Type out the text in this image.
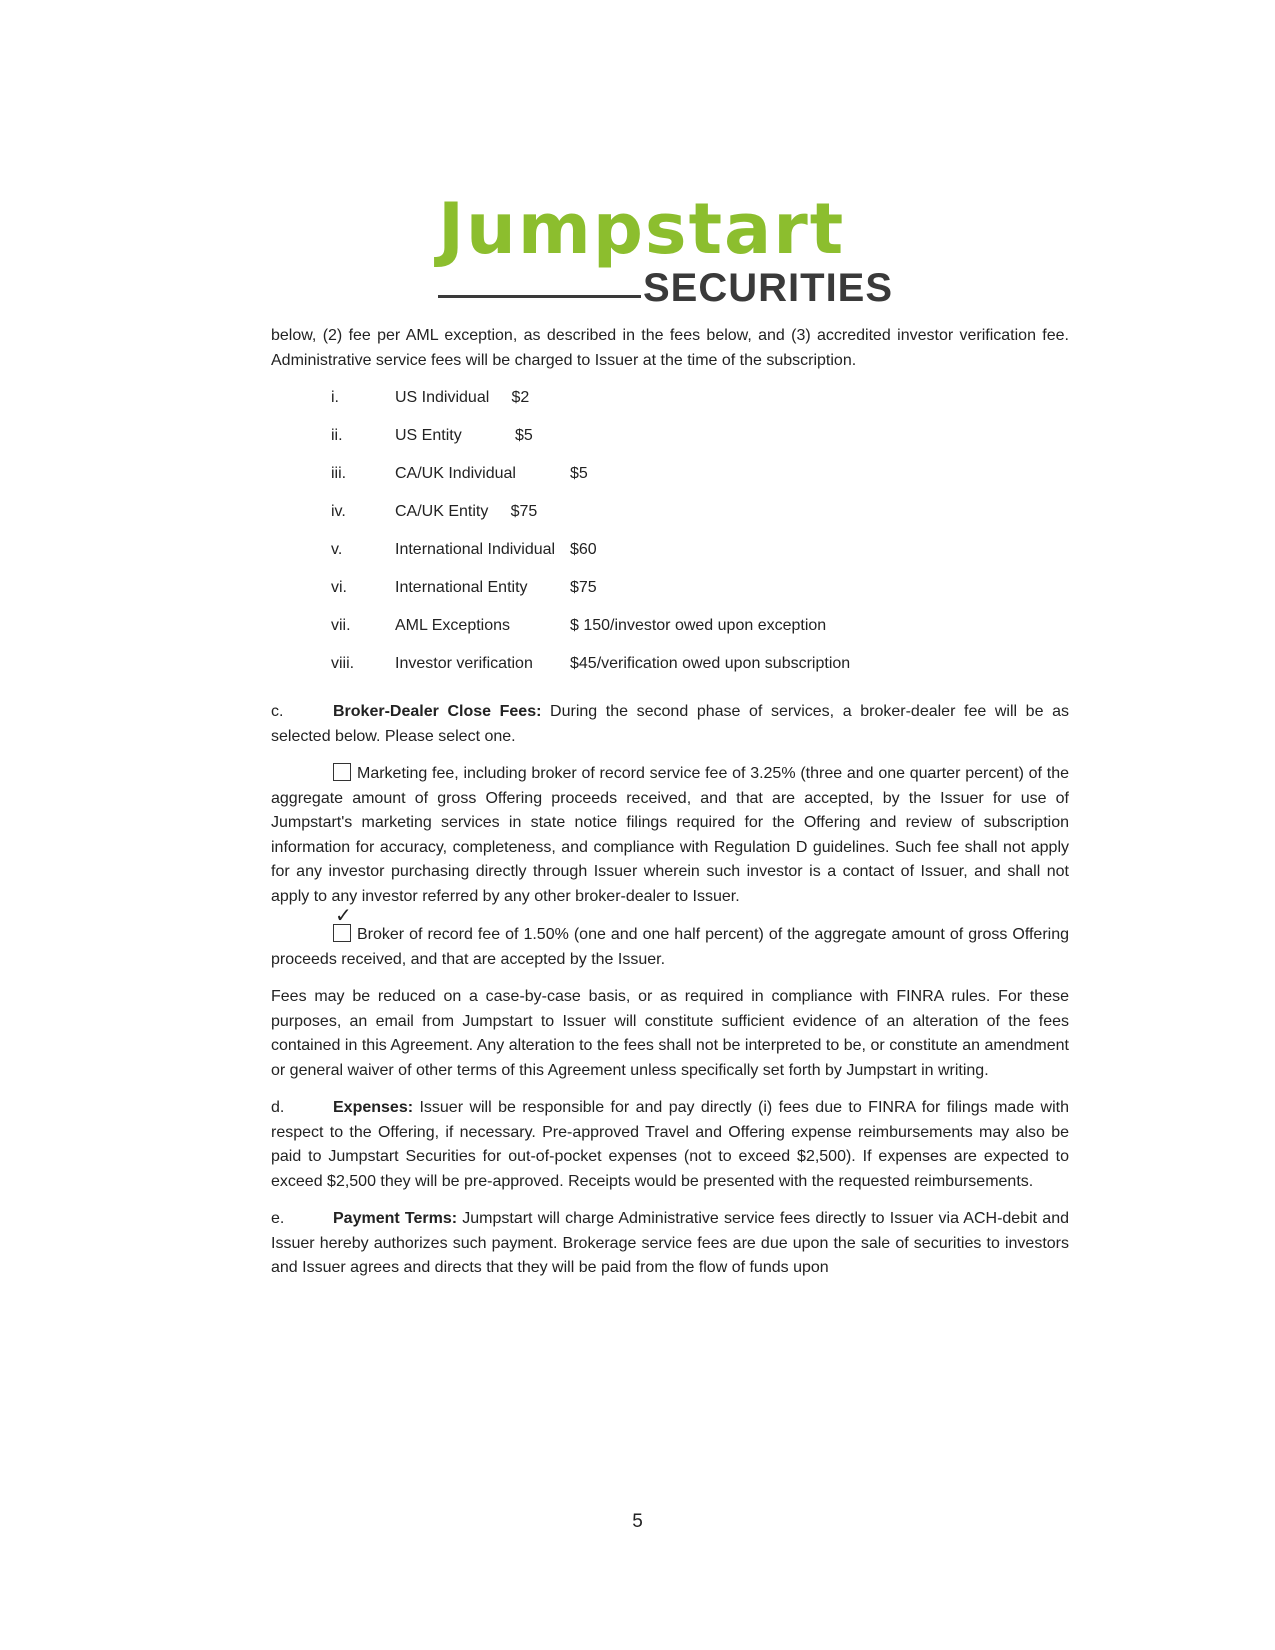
Jumpstart
SECURITIES

below, (2) fee per AML exception, as described in the fees below, and (3) accredited investor verification fee. Administrative service fees will be charged to Issuer at the time of the subscription.

i.	US Individual $2	
ii.	US Entity $5	
iii.	CA/UK Individual	$5
iv.	CA/UK Entity $75	
v.	International Individual	$60
vi.	International Entity	$75
vii.	AML Exceptions	$ 150/investor owed upon exception
viii.	Investor verification	$45/verification owed upon subscription

c.	Broker-Dealer Close Fees: During the second phase of services, a broker-dealer fee will be as selected below. Please select one.

Marketing fee, including broker of record service fee of 3.25% (three and one quarter percent) of the aggregate amount of gross Offering proceeds received, and that are accepted, by the Issuer for use of Jumpstart's marketing services in state notice filings required for the Offering and review of subscription information for accuracy, completeness, and compliance with Regulation D guidelines. Such fee shall not apply for any investor purchasing directly through Issuer wherein such investor is a contact of Issuer, and shall not apply to any investor referred by any other broker-dealer to Issuer.

✓
Broker of record fee of 1.50% (one and one half percent) of the aggregate amount of gross Offering proceeds received, and that are accepted by the Issuer.

Fees may be reduced on a case-by-case basis, or as required in compliance with FINRA rules. For these purposes, an email from Jumpstart to Issuer will constitute sufficient evidence of an alteration of the fees contained in this Agreement. Any alteration to the fees shall not be interpreted to be, or constitute an amendment or general waiver of other terms of this Agreement unless specifically set forth by Jumpstart in writing.

d.	Expenses: Issuer will be responsible for and pay directly (i) fees due to FINRA for filings made with respect to the Offering, if necessary. Pre-approved Travel and Offering expense reimbursements may also be paid to Jumpstart Securities for out-of-pocket expenses (not to exceed $2,500). If expenses are expected to exceed $2,500 they will be pre-approved. Receipts would be presented with the requested reimbursements.

e.	Payment Terms: Jumpstart will charge Administrative service fees directly to Issuer via ACH-debit and Issuer hereby authorizes such payment. Brokerage service fees are due upon the sale of securities to investors and Issuer agrees and directs that they will be paid from the flow of funds upon

5
